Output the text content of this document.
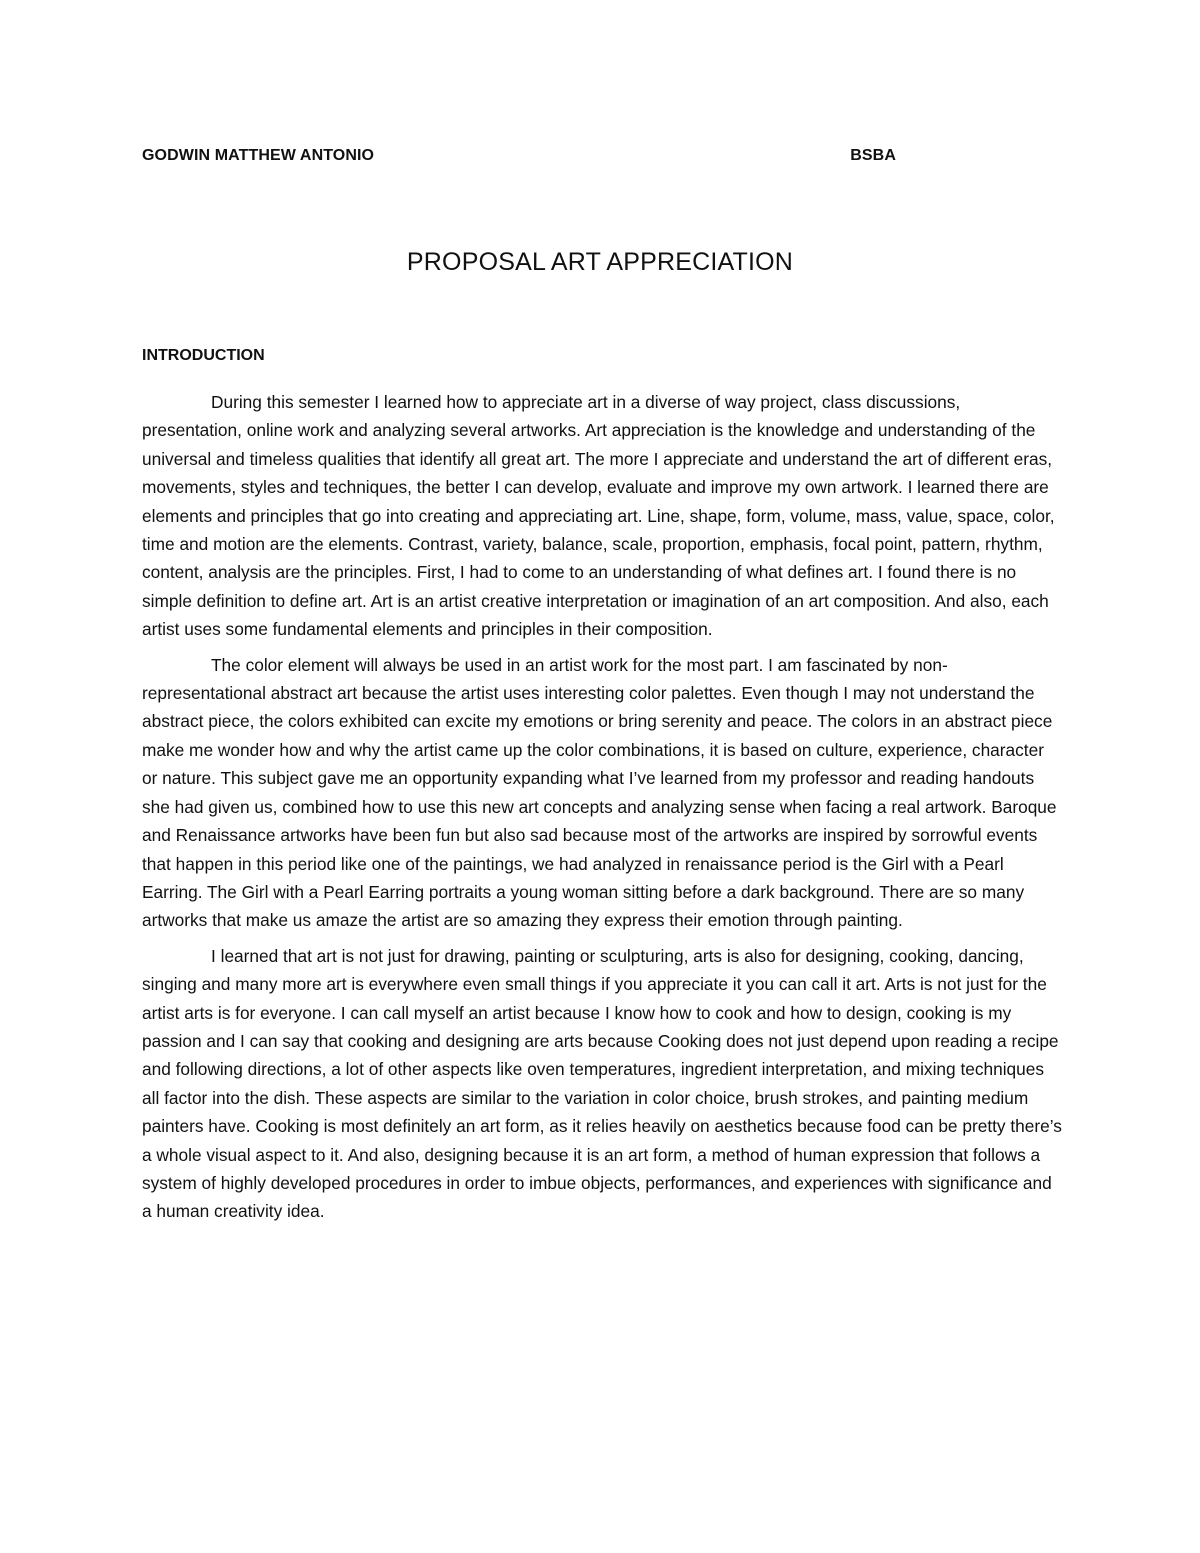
GODWIN MATTHEW ANTONIO	BSBA
PROPOSAL ART APPRECIATION
INTRODUCTION

During this semester I learned how to appreciate art in a diverse of way project, class discussions, presentation, online work and analyzing several artworks. Art appreciation is the knowledge and understanding of the universal and timeless qualities that identify all great art. The more I appreciate and understand the art of different eras, movements, styles and techniques, the better I can develop, evaluate and improve my own artwork. I learned there are elements and principles that go into creating and appreciating art. Line, shape, form, volume, mass, value, space, color, time and motion are the elements. Contrast, variety, balance, scale, proportion, emphasis, focal point, pattern, rhythm, content, analysis are the principles. First, I had to come to an understanding of what defines art. I found there is no simple definition to define art. Art is an artist creative interpretation or imagination of an art composition. And also, each artist uses some fundamental elements and principles in their composition.

The color element will always be used in an artist work for the most part. I am fascinated by non-representational abstract art because the artist uses interesting color palettes. Even though I may not understand the abstract piece, the colors exhibited can excite my emotions or bring serenity and peace. The colors in an abstract piece make me wonder how and why the artist came up the color combinations, it is based on culture, experience, character or nature. This subject gave me an opportunity expanding what I’ve learned from my professor and reading handouts she had given us, combined how to use this new art concepts and analyzing sense when facing a real artwork. Baroque and Renaissance artworks have been fun but also sad because most of the artworks are inspired by sorrowful events that happen in this period like one of the paintings, we had analyzed in renaissance period is the Girl with a Pearl Earring. The Girl with a Pearl Earring portraits a young woman sitting before a dark background. There are so many artworks that make us amaze the artist are so amazing they express their emotion through painting.

I learned that art is not just for drawing, painting or sculpturing, arts is also for designing, cooking, dancing, singing and many more art is everywhere even small things if you appreciate it you can call it art. Arts is not just for the artist arts is for everyone. I can call myself an artist because I know how to cook and how to design, cooking is my passion and I can say that cooking and designing are arts because Cooking does not just depend upon reading a recipe and following directions, a lot of other aspects like oven temperatures, ingredient interpretation, and mixing techniques all factor into the dish. These aspects are similar to the variation in color choice, brush strokes, and painting medium painters have. Cooking is most definitely an art form, as it relies heavily on aesthetics because food can be pretty there’s a whole visual aspect to it. And also, designing because it is an art form, a method of human expression that follows a system of highly developed procedures in order to imbue objects, performances, and experiences with significance and a human creativity idea.
